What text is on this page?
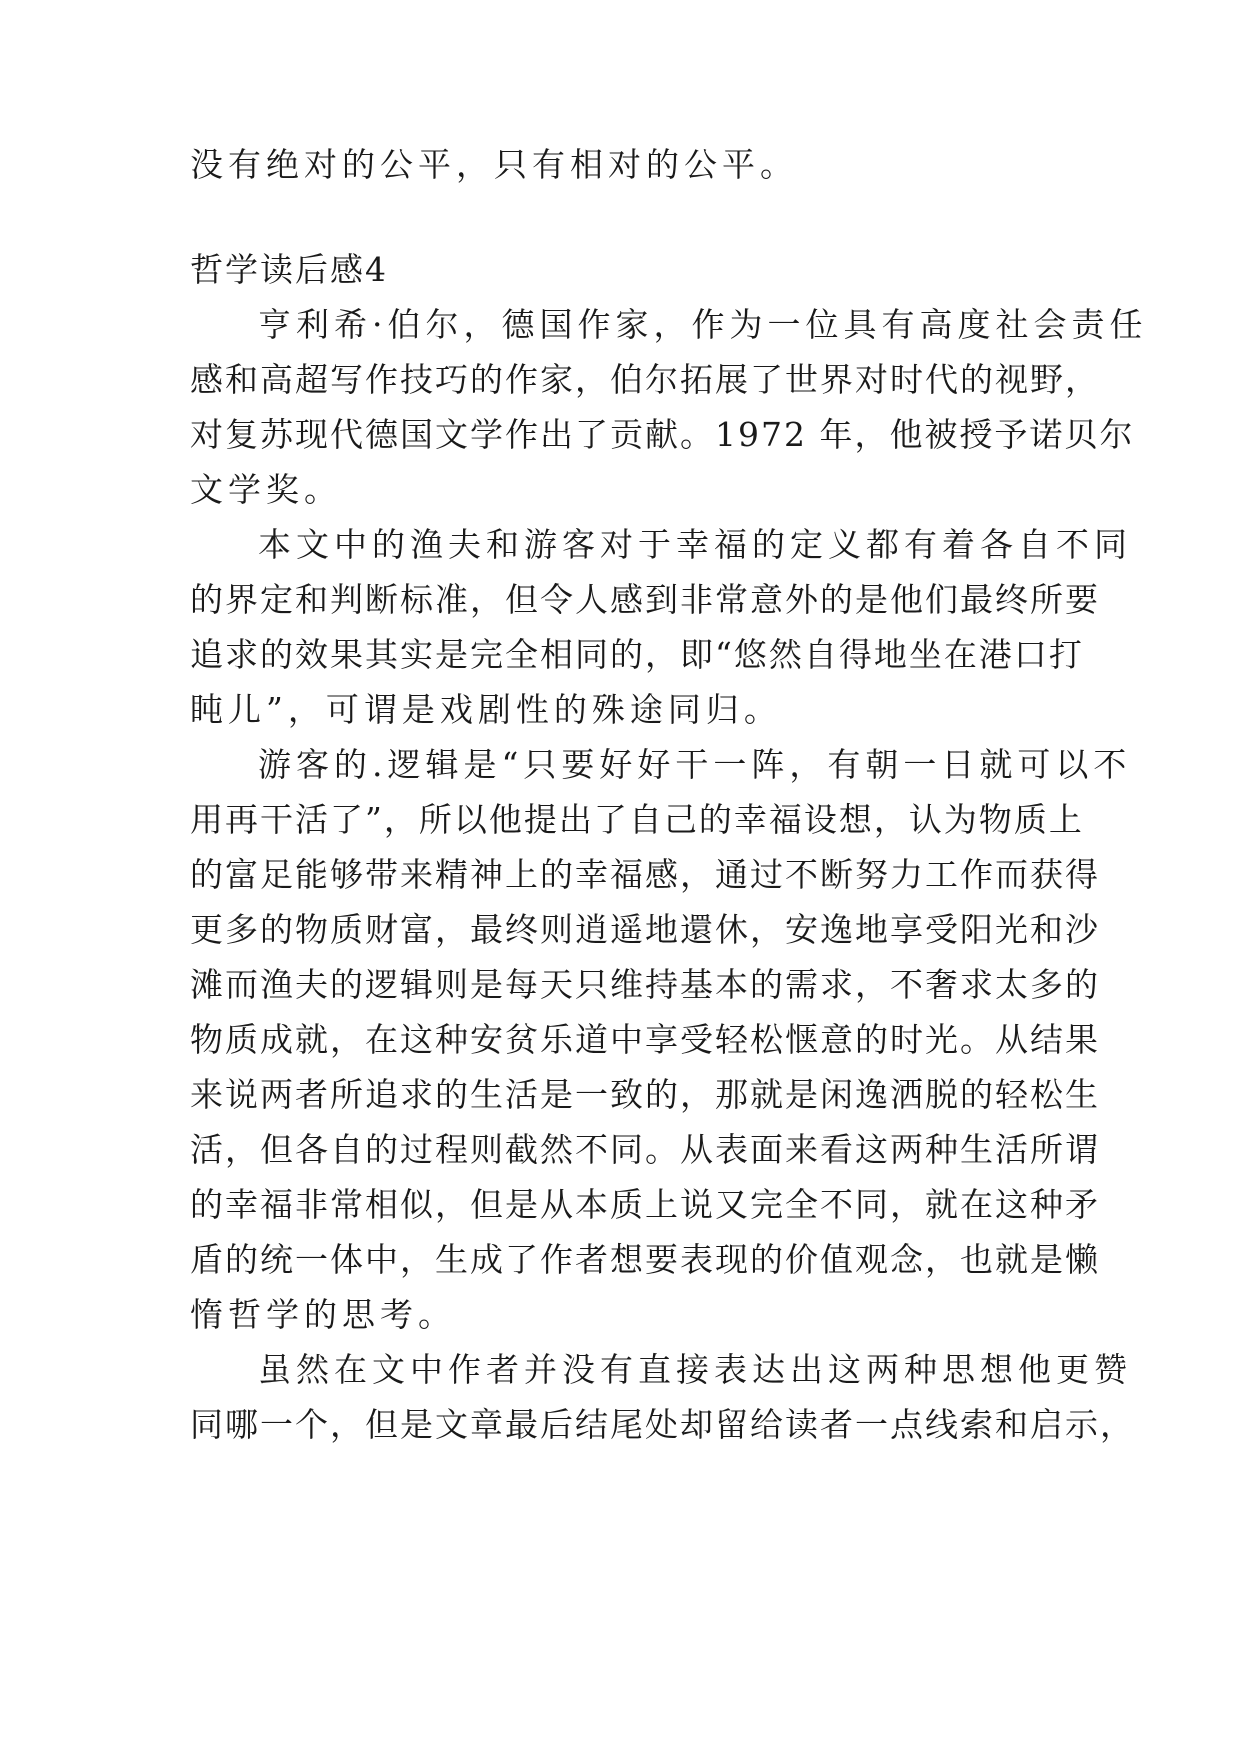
没有绝对的公平，只有相对的公平。
哲学读后感4
亨利希·伯尔，德国作家，作为一位具有高度社会责任
感和高超写作技巧的作家，伯尔拓展了世界对时代的视野，
对复苏现代德国文学作出了贡献。1972 年，他被授予诺贝尔
文学奖。
本文中的渔夫和游客对于幸福的定义都有着各自不同
的界定和判断标准，但令人感到非常意外的是他们最终所要
追求的效果其实是完全相同的，即“悠然自得地坐在港口打
盹儿”，可谓是戏剧性的殊途同归。
游客的.逻辑是“只要好好干一阵，有朝一日就可以不
用再干活了”，所以他提出了自己的幸福设想，认为物质上
的富足能够带来精神上的幸福感，通过不断努力工作而获得
更多的物质财富，最终则逍遥地還休，安逸地享受阳光和沙
滩而渔夫的逻辑则是每天只维持基本的需求，不奢求太多的
物质成就，在这种安贫乐道中享受轻松惬意的时光。从结果
来说两者所追求的生活是一致的，那就是闲逸洒脱的轻松生
活，但各自的过程则截然不同。从表面来看这两种生活所谓
的幸福非常相似，但是从本质上说又完全不同，就在这种矛
盾的统一体中，生成了作者想要表现的价值观念，也就是懒
惰哲学的思考。
虽然在文中作者并没有直接表达出这两种思想他更赞
同哪一个，但是文章最后结尾处却留给读者一点线索和启示，
